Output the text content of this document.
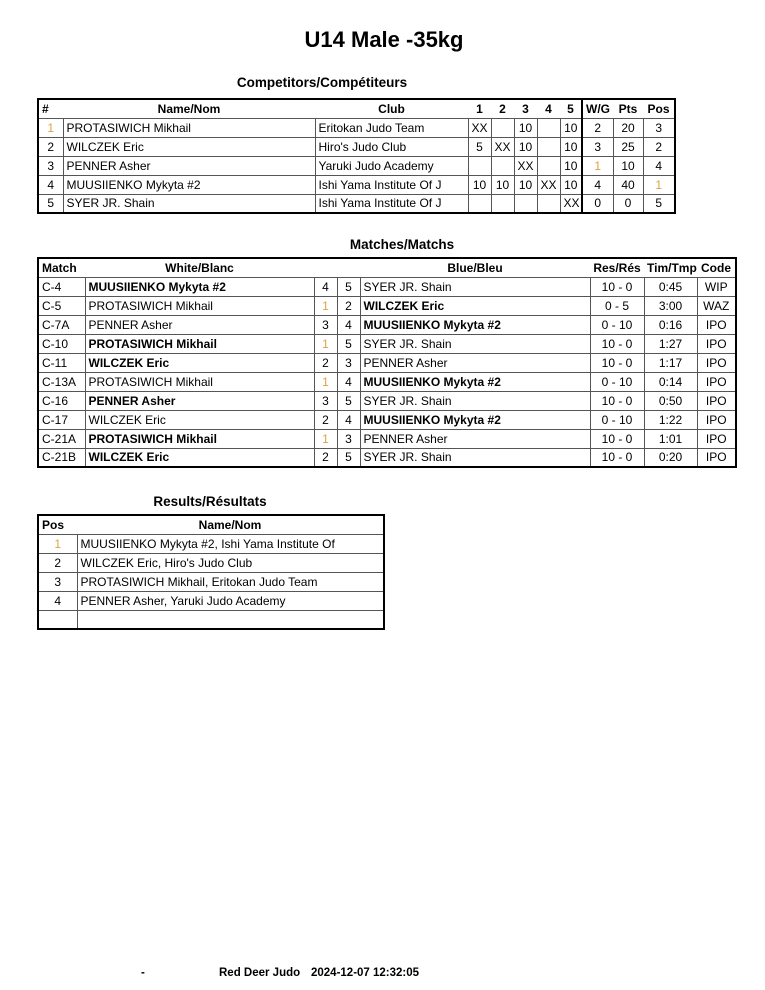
U14 Male -35kg
Competitors/Compétiteurs
#	Name/Nom	Club	1	2	3	4	5	W/G	Pts	Pos
1	PROTASIWICH Mikhail	Eritokan Judo Team	XX		10		10	2	20	3
2	WILCZEK Eric	Hiro's Judo Club	5	XX	10		10	3	25	2
3	PENNER Asher	Yaruki Judo Academy			XX		10	1	10	4
4	MUUSIIENKO Mykyta #2	Ishi Yama Institute Of J	10	10	10	XX	10	4	40	1
5	SYER JR. Shain	Ishi Yama Institute Of J					XX	0	0	5
Matches/Matchs
Match	White/Blanc			Blue/Bleu	Res/Rés	Tim/Tmp	Code
C-4	MUUSIIENKO Mykyta #2	4	5	SYER JR. Shain	10 - 0	0:45	WIP
C-5	PROTASIWICH Mikhail	1	2	WILCZEK Eric	0 - 5	3:00	WAZ
C-7A	PENNER Asher	3	4	MUUSIIENKO Mykyta #2	0 - 10	0:16	IPO
C-10	PROTASIWICH Mikhail	1	5	SYER JR. Shain	10 - 0	1:27	IPO
C-11	WILCZEK Eric	2	3	PENNER Asher	10 - 0	1:17	IPO
C-13A	PROTASIWICH Mikhail	1	4	MUUSIIENKO Mykyta #2	0 - 10	0:14	IPO
C-16	PENNER Asher	3	5	SYER JR. Shain	10 - 0	0:50	IPO
C-17	WILCZEK Eric	2	4	MUUSIIENKO Mykyta #2	0 - 10	1:22	IPO
C-21A	PROTASIWICH Mikhail	1	3	PENNER Asher	10 - 0	1:01	IPO
C-21B	WILCZEK Eric	2	5	SYER JR. Shain	10 - 0	0:20	IPO
Results/Résultats
Pos	Name/Nom
1	MUUSIIENKO Mykyta #2, Ishi Yama Institute Of
2	WILCZEK Eric, Hiro's Judo Club
3	PROTASIWICH Mikhail, Eritokan Judo Team
4	PENNER Asher, Yaruki Judo Academy

-	Red Deer Judo 2024-12-07 12:32:05
